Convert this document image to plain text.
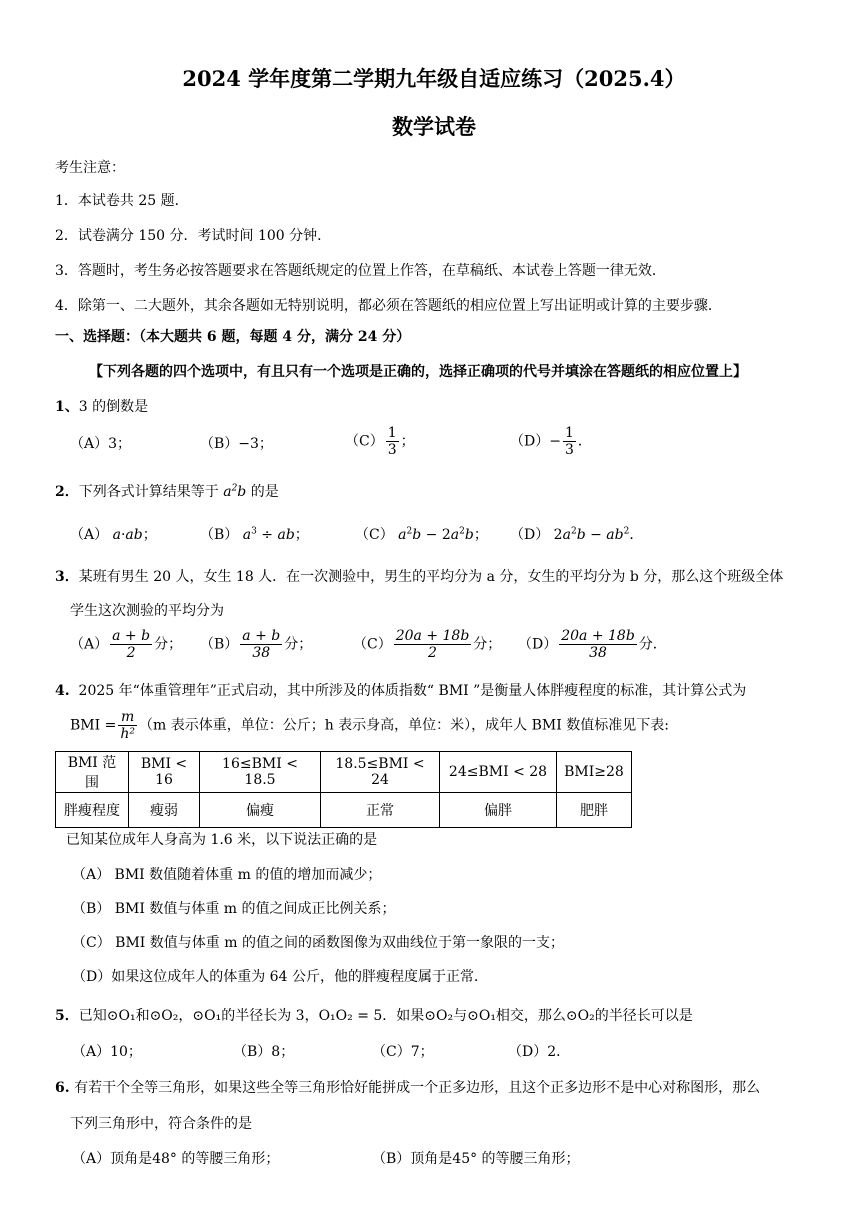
2024 学年度第二学期九年级自适应练习（2025.4）
数学试卷
考生注意：
1．本试卷共 25 题．
2．试卷满分 150 分．考试时间 100 分钟．
3．答题时，考生务必按答题要求在答题纸规定的位置上作答，在草稿纸、本试卷上答题一律无效．
4．除第一、二大题外，其余各题如无特别说明，都必须在答题纸的相应位置上写出证明或计算的主要步骤．
一、选择题：（本大题共 6 题，每题 4 分，满分 24 分）
【下列各题的四个选项中，有且只有一个选项是正确的，选择正确项的代号并填涂在答题纸的相应位置上】
1、3 的倒数是
（A）3；	（B）−3；	$(C) \frac{1}{3}$ ；	$(D)- \frac{1}{3}$ ．
2．下列各式计算结果等于 $a^2b$ 的是
（A） a·ab；	（B） $a^3$ ÷ ab；	（C） $a^2b - 2a^2b$； （D） $2a^2b - ab^2$．
3．某班有男生 20 人，女生 18 人．在一次测验中，男生的平均分为 a 分，女生的平均分为 b 分，那么这个班级全体
学生这次测验的平均分为
$(A) \frac{a + b}{2}$ 分； $(B) \frac{a + b}{38}$ 分；	$(C) \frac{20a + 18b}{2}$ 分； $(D) \frac{20a + 18b}{38}$ 分．
4. 2025 年“体重管理年”正式启动，其中所涉及的体质指数“ BMI ”是衡量人体胖瘦程度的标准，其计算公式为
BMI = $\frac{m}{\text{h²}} (m$ 表示体重，单位：公斤；h 表示身高，单位：米），成年人 BMI 数值标准见下表:
BMI 范围	BMI < 16	16≤BMI < 18.5	18.5≤BMI < 24	24≤BMI < 28	BMI≥28
胖瘦程度	瘦弱	偏瘦	正常	偏胖	肥胖
已知某位成年人身高为 1.6 米，以下说法正确的是
（A） BMI 数值随着体重 m 的值的增加而减少；
（B） BMI 数值与体重 m 的值之间成正比例关系；
（C） BMI 数值与体重 m 的值之间的函数图像为双曲线位于第一象限的一支；
（D）如果这位成年人的体重为 64 公斤，他的胖瘦程度属于正常．
5．已知⊙O₁和⊙O₂，⊙O₁的半径长为 3，O₁O₂ = 5．如果⊙O₂与⊙O₁相交，那么⊙O₂的半径长可以是
（A）10；	（B）8；	（C）7；	（D）2．
6. 有若干个全等三角形，如果这些全等三角形恰好能拼成一个正多边形，且这个正多边形不是中心对称图形，那么
下列三角形中，符合条件的是
（A）顶角是48° 的等腰三角形；	（B）顶角是45° 的等腰三角形；
